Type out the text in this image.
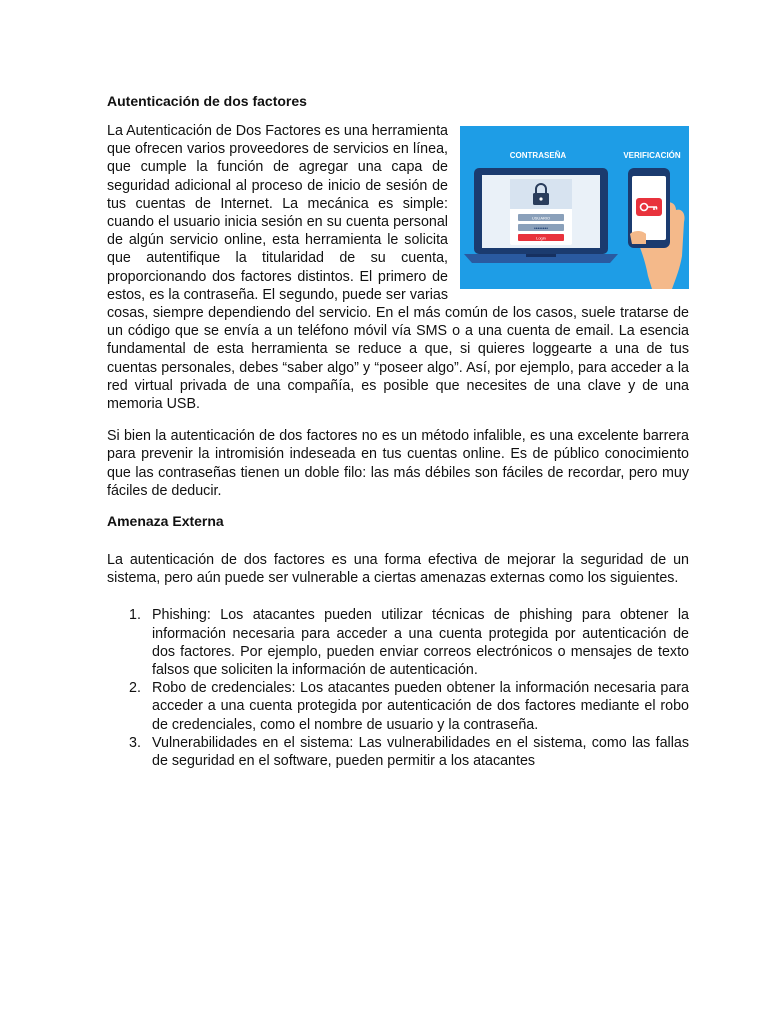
Autenticación de dos factores

CONTRASEÑA	VERIFICACIÓN
USUARIO
••••••••
Login
La Autenticación de Dos Factores es una herramienta que ofrecen varios proveedores de servicios en línea, que cumple la función de agregar una capa de seguridad adicional al proceso de inicio de sesión de tus cuentas de Internet. La mecánica es simple: cuando el usuario inicia sesión en su cuenta personal de algún servicio online, esta herramienta le solicita que autentifique la titularidad de su cuenta, proporcionando dos factores distintos. El primero de estos, es la contraseña. El segundo, puede ser varias cosas, siempre dependiendo del servicio. En el más común de los casos, suele tratarse de un código que se envía a un teléfono móvil vía SMS o a una cuenta de email. La esencia fundamental de esta herramienta se reduce a que, si quieres loggearte a una de tus cuentas personales, debes “saber algo” y “poseer algo”. Así, por ejemplo, para acceder a la red virtual privada de una compañía, es posible que necesites de una clave y de una memoria USB.

Si bien la autenticación de dos factores no es un método infalible, es una excelente barrera para prevenir la intromisión indeseada en tus cuentas online. Es de público conocimiento que las contraseñas tienen un doble filo: las más débiles son fáciles de recordar, pero muy fáciles de deducir.

Amenaza Externa

La autenticación de dos factores es una forma efectiva de mejorar la seguridad de un sistema, pero aún puede ser vulnerable a ciertas amenazas externas como los siguientes.

1. Phishing: Los atacantes pueden utilizar técnicas de phishing para obtener la información necesaria para acceder a una cuenta protegida por autenticación de dos factores. Por ejemplo, pueden enviar correos electrónicos o mensajes de texto falsos que soliciten la información de autenticación.
2. Robo de credenciales: Los atacantes pueden obtener la información necesaria para acceder a una cuenta protegida por autenticación de dos factores mediante el robo de credenciales, como el nombre de usuario y la contraseña.
3. Vulnerabilidades en el sistema: Las vulnerabilidades en el sistema, como las fallas de seguridad en el software, pueden permitir a los atacantes
